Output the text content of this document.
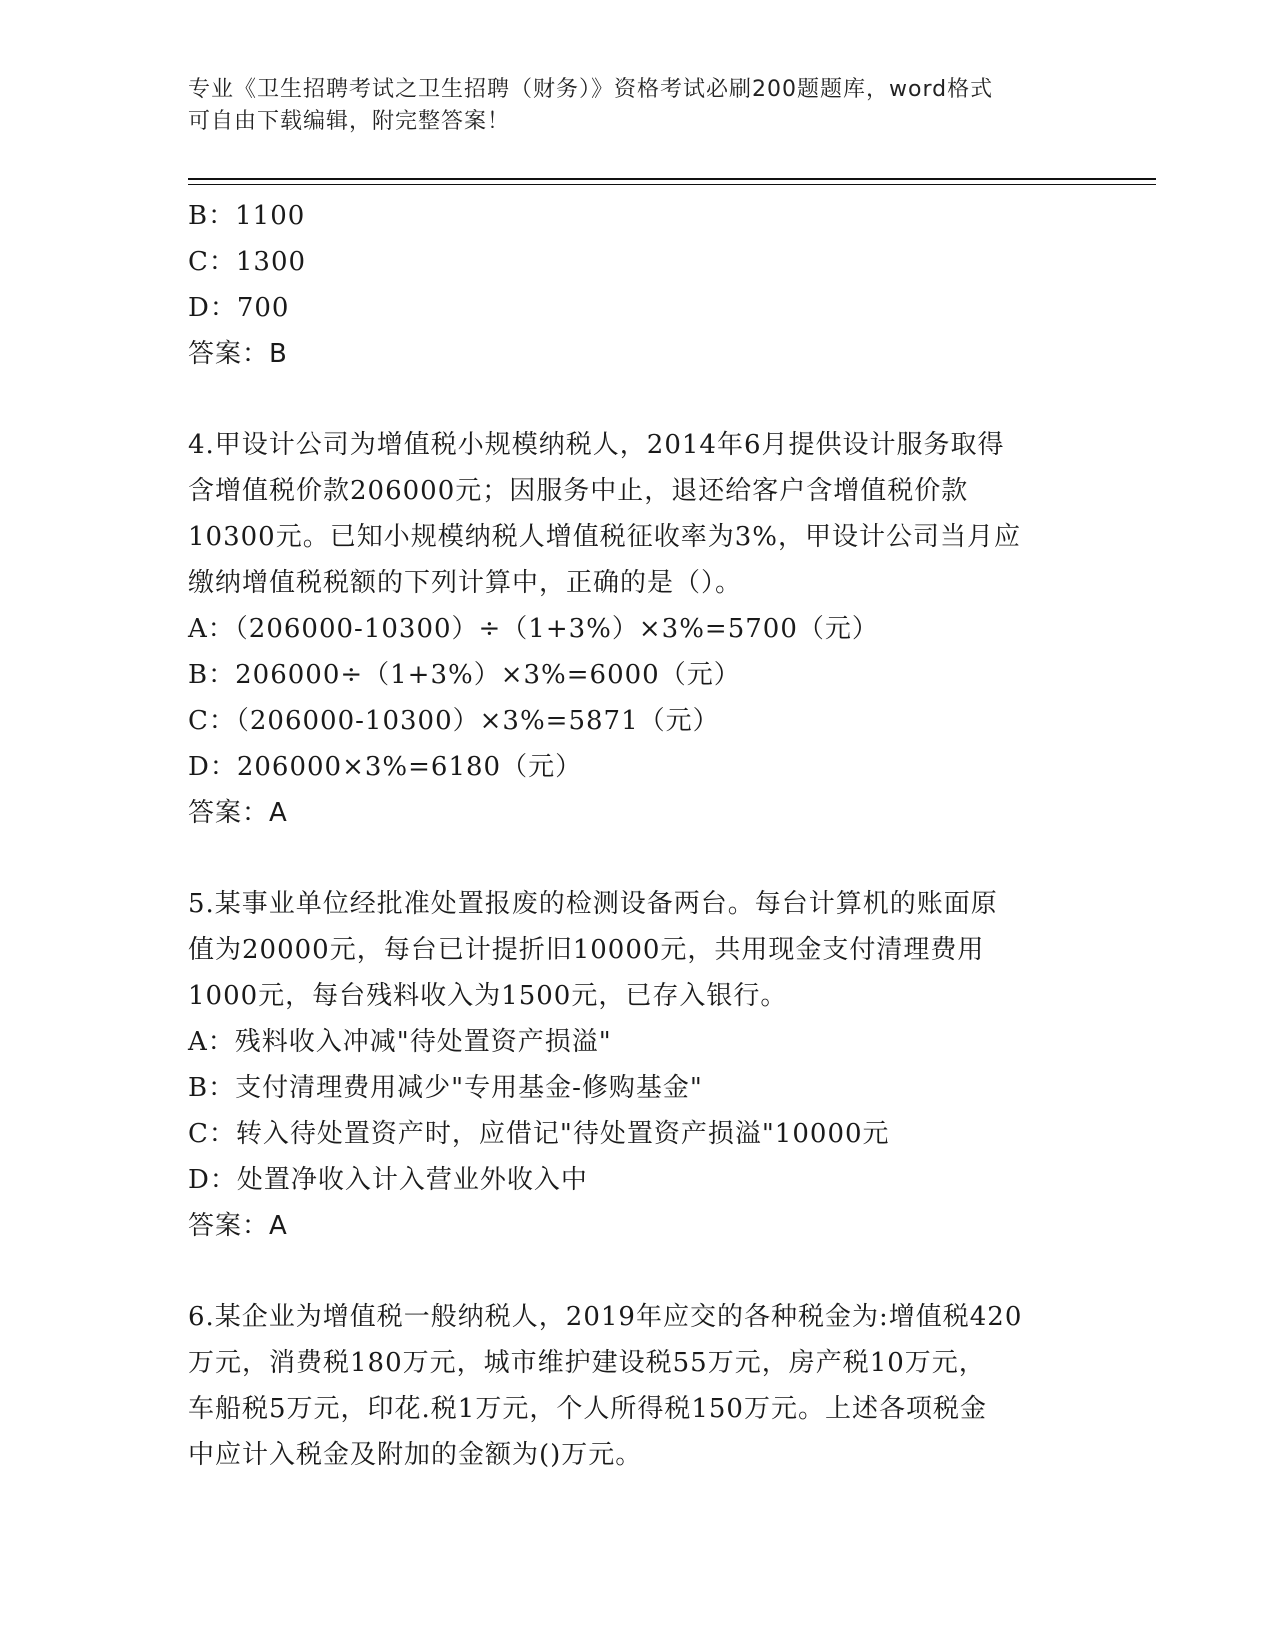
专业《卫生招聘考试之卫生招聘（财务）》资格考试必刷200题题库，word格式
可自由下载编辑，附完整答案！
B：1100
C：1300
D：700
答案：B
4.甲设计公司为增值税小规模纳税人，2014年6月提供设计服务取得
含增值税价款206000元；因服务中止，退还给客户含增值税价款
10300元。已知小规模纳税人增值税征收率为3%，甲设计公司当月应
缴纳增值税税额的下列计算中，正确的是（）。
A：（206000-10300）÷（1+3%）×3%=5700（元）
B：206000÷（1+3%）×3%=6000（元）
C：（206000-10300）×3%=5871（元）
D：206000×3%=6180（元）
答案：A
5.某事业单位经批准处置报废的检测设备两台。每台计算机的账面原
值为20000元，每台已计提折旧10000元，共用现金支付清理费用
1000元，每台残料收入为1500元，已存入银行。
A：残料收入冲减"待处置资产损溢"
B：支付清理费用减少"专用基金-修购基金"
C：转入待处置资产时，应借记"待处置资产损溢"10000元
D：处置净收入计入营业外收入中
答案：A
6.某企业为增值税一般纳税人，2019年应交的各种税金为:增值税420
万元，消费税180万元，城市维护建设税55万元，房产税10万元，
车船税5万元，印花.税1万元，个人所得税150万元。上述各项税金
中应计入税金及附加的金额为()万元。
